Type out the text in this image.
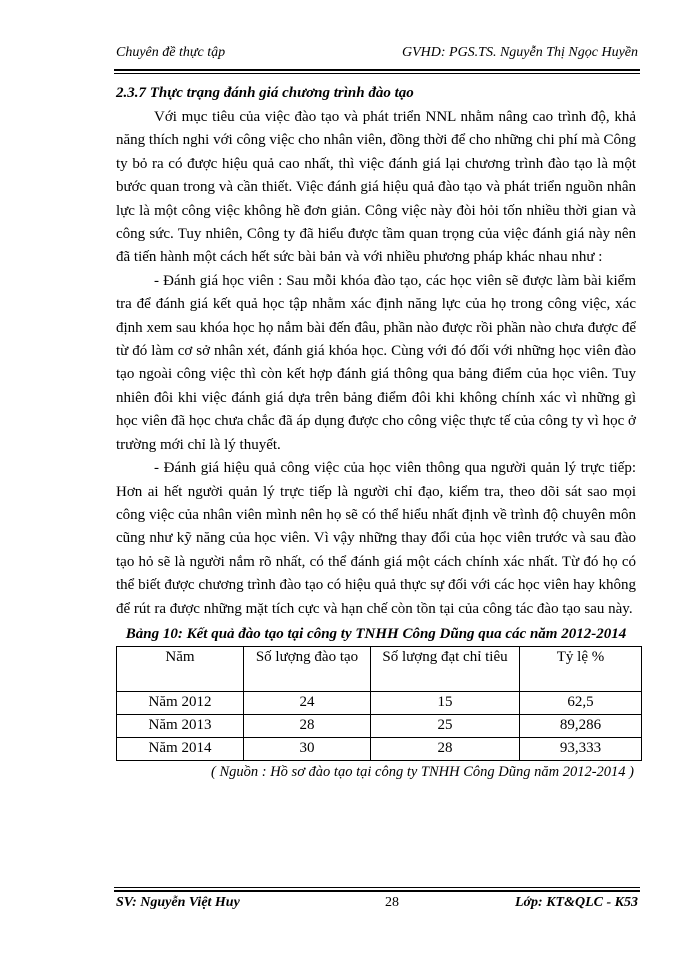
Chuyên đề thực tập	GVHD: PGS.TS. Nguyễn Thị Ngọc Huyền
2.3.7 Thực trạng đánh giá chương trình đào tạo

Với mục tiêu của việc đào tạo và phát triển NNL nhằm nâng cao trình độ, khả năng thích nghi với công việc cho nhân viên, đồng thời để cho những chi phí mà Công ty bỏ ra có được hiệu quả cao nhất, thì việc đánh giá lại chương trình đào tạo là một bước quan trong và cần thiết. Việc đánh giá hiệu quả đào tạo và phát triển nguồn nhân lực là một công việc không hề đơn giản. Công việc này đòi hỏi tốn nhiều thời gian và công sức. Tuy nhiên, Công ty đã hiểu được tầm quan trọng của việc đánh giá này nên đã tiến hành một cách hết sức bài bản và với nhiều phương pháp khác nhau như :

- Đánh giá học viên : Sau mỗi khóa đào tạo, các học viên sẽ được làm bài kiểm tra để đánh giá kết quả học tập nhằm xác định năng lực của họ trong công việc, xác định xem sau khóa học họ nắm bài đến đâu, phần nào được rồi phần nào chưa được để từ đó làm cơ sở nhân xét, đánh giá khóa học. Cùng với đó đối với những học viên đào tạo ngoài công việc thì còn kết hợp đánh giá thông qua bảng điểm của học viên. Tuy nhiên đôi khi việc đánh giá dựa trên bảng điểm đôi khi không chính xác vì những gì học viên đã học chưa chắc đã áp dụng được cho công việc thực tế của công ty vì học ở trường mới chỉ là lý thuyết.

- Đánh giá hiệu quả công việc của học viên thông qua người quản lý trực tiếp: Hơn ai hết người quản lý trực tiếp là người chỉ đạo, kiểm tra, theo dõi sát sao mọi công việc của nhân viên mình nên họ sẽ có thể hiểu nhất định về trình độ chuyên môn cũng như kỹ năng của học viên. Vì vậy những thay đổi của học viên trước và sau đào tạo hỏ sẽ là người nắm rõ nhất, có thể đánh giá một cách chính xác nhất. Từ đó họ có thể biết được chương trình đào tạo có hiệu quả thực sự đối với các học viên hay không để rút ra được những mặt tích cực và hạn chế còn tồn tại của công tác đào tạo sau này.

Bảng 10: Kết quả đào tạo tại công ty TNHH Công Dũng qua các năm 2012-2014
Năm	Số lượng đào tạo	Số lượng đạt chỉ tiêu	Tỷ lệ %
Năm 2012	24	15	62,5
Năm 2013	28	25	89,286
Năm 2014	30	28	93,333
( Nguồn : Hồ sơ đào tạo tại công ty TNHH Công Dũng năm 2012-2014 )
SV: Nguyễn Việt Huy	28	Lớp: KT&QLC - K53
